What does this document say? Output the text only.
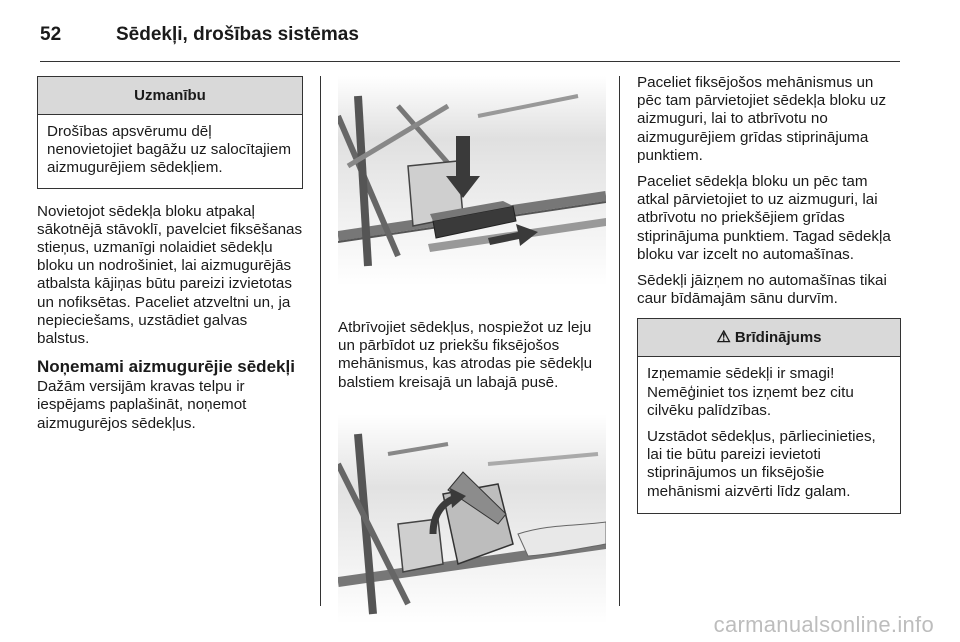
52	Sēdekļi, drošības sistēmas
Uzmanību

Drošības apsvērumu dēļ nenovietojiet bagāžu uz salocītajiem aizmugurējiem sēdekļiem.

Novietojot sēdekļa bloku atpakaļ sākotnējā stāvoklī, pavelciet fiksēšanas stieņus, uzmanīgi nolaidiet sēdekļu bloku un nodrošiniet, lai aizmugurējās atbalsta kājiņas būtu pareizi izvietotas un nofiksētas. Paceliet atzveltni un, ja nepieciešams, uzstādiet galvas balstus.

Noņemami aizmugurējie sēdekļi

Dažām versijām kravas telpu ir iespējams paplašināt, noņemot aizmugurējos sēdekļus.

Atbrīvojiet sēdekļus, nospiežot uz leju un pārbīdot uz priekšu fiksējošos mehānismus, kas atrodas pie sēdekļu balstiem kreisajā un labajā pusē.

Paceliet fiksējošos mehānismus un pēc tam pārvietojiet sēdekļa bloku uz aizmuguri, lai to atbrīvotu no aizmugurējiem grīdas stiprinājuma punktiem.

Paceliet sēdekļa bloku un pēc tam atkal pārvietojiet to uz aizmuguri, lai atbrīvotu no priekšējiem grīdas stiprinājuma punktiem. Tagad sēdekļa bloku var izcelt no automašīnas.

Sēdekļi jāizņem no automašīnas tikai caur bīdāmajām sānu durvīm.

⚠ Brīdinājums

Izņemamie sēdekļi ir smagi! Nemēģiniet tos izņemt bez citu cilvēku palīdzības.

Uzstādot sēdekļus, pārliecinieties, lai tie būtu pareizi ievietoti stiprinājumos un fiksējošie mehānismi aizvērti līdz galam.

carmanualsonline.info
